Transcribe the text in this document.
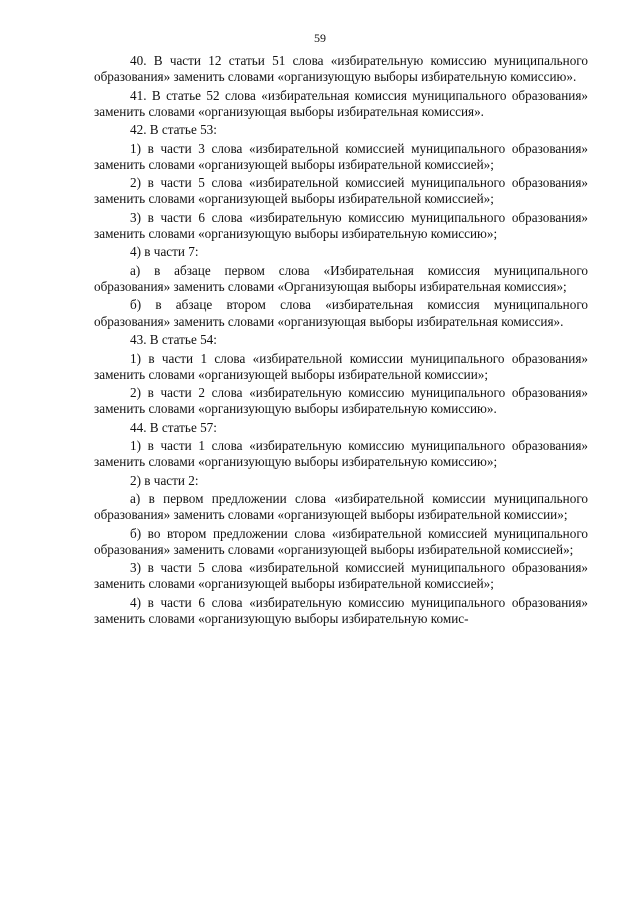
59

40. В части 12 статьи 51 слова «избирательную комиссию муниципального образования» заменить словами «организующую выборы избирательную комиссию».

41. В статье 52 слова «избирательная комиссия муниципального образования» заменить словами «организующая выборы избирательная комиссия».

42. В статье 53:

1) в части 3 слова «избирательной комиссией муниципального образования» заменить словами «организующей выборы избирательной комиссией»;

2) в части 5 слова «избирательной комиссией муниципального образования» заменить словами «организующей выборы избирательной комиссией»;

3) в части 6 слова «избирательную комиссию муниципального образования» заменить словами «организующую выборы избирательную комиссию»;

4) в части 7:

а) в абзаце первом слова «Избирательная комиссия муниципального образования» заменить словами «Организующая выборы избирательная комиссия»;

б) в абзаце втором слова «избирательная комиссия муниципального образования» заменить словами «организующая выборы избирательная комиссия».

43. В статье 54:

1) в части 1 слова «избирательной комиссии муниципального образования» заменить словами «организующей выборы избирательной комиссии»;

2) в части 2 слова «избирательную комиссию муниципального образования» заменить словами «организующую выборы избирательную комиссию».

44. В статье 57:

1) в части 1 слова «избирательную комиссию муниципального образования» заменить словами «организующую выборы избирательную комиссию»;

2) в части 2:

а) в первом предложении слова «избирательной комиссии муниципального образования» заменить словами «организующей выборы избирательной комиссии»;

б) во втором предложении слова «избирательной комиссией муниципального образования» заменить словами «организующей выборы избирательной комиссией»;

3) в части 5 слова «избирательной комиссией муниципального образования» заменить словами «организующей выборы избирательной комиссией»;

4) в части 6 слова «избирательную комиссию муниципального образования» заменить словами «организующую выборы избирательную комис-
